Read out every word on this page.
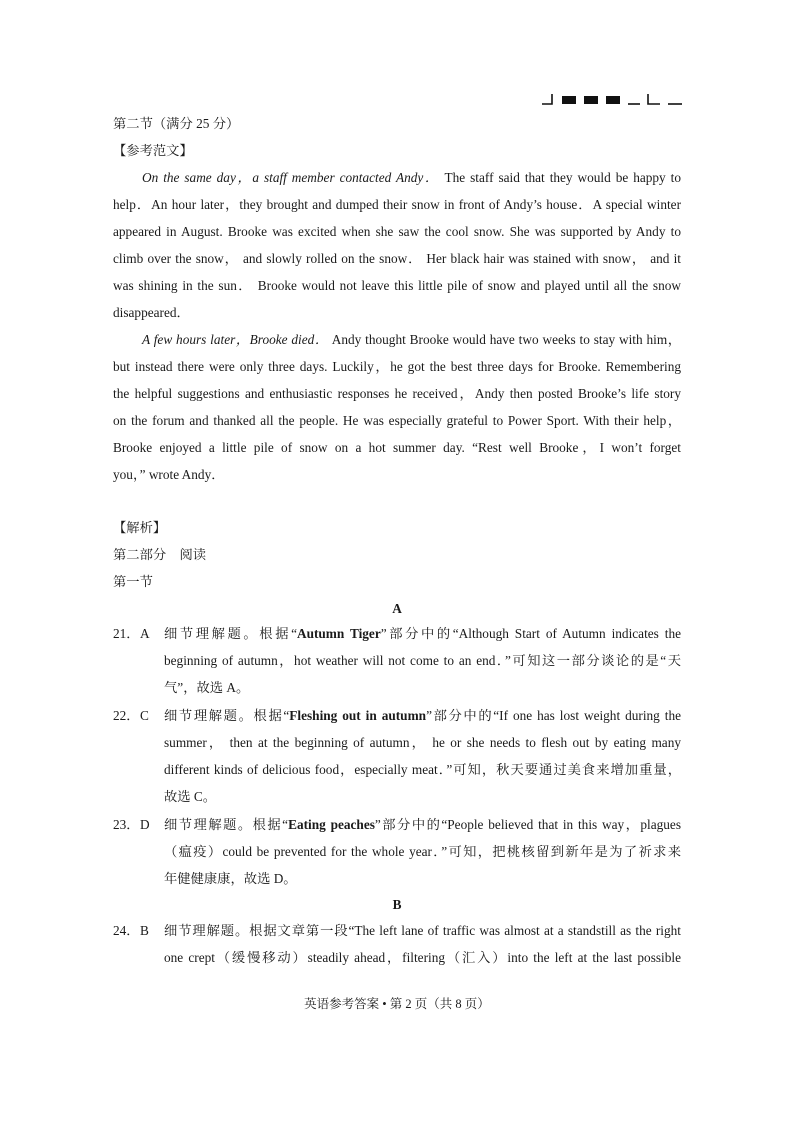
第二节（满分 25 分）
【参考范文】
On the same day，a staff member contacted Andy． The staff said that they would be happy to
help．An hour later，they brought and dumped their snow in front of Andy’s house．A special winter
appeared in August. Brooke was excited when she saw the cool snow. She was supported by Andy to
climb over the snow， and slowly rolled on the snow． Her black hair was stained with snow， and it
was shining in the sun． Brooke would not leave this little pile of snow and played until all the snow
disappeared．
A few hours later，Brooke died． Andy thought Brooke would have two weeks to stay with him，
but instead there were only three days. Luckily，he got the best three days for Brooke. Remembering
the helpful suggestions and enthusiastic responses he received，Andy then posted Brooke’s life story
on the forum and thanked all the people. He was especially grateful to Power Sport. With their help，
Brooke enjoyed a little pile of snow on a hot summer day. “Rest well Brooke，I won’t forget
you，” wrote Andy．
【解析】
第二部分　阅读
第一节
A
21． A 细节理解题。根据“Autumn Tiger”部分中的“Although Start of Autumn indicates the
beginning of autumn，hot weather will not come to an end．”可知这一部分谈论的是“天
气”，故选 A。
22． C 细节理解题。根据“Fleshing out in autumn”部分中的“If one has lost weight during the
summer， then at the beginning of autumn， he or she needs to flesh out by eating many
different kinds of delicious food，especially meat．”可知，秋天要通过美食来增加重量，
故选 C。
23． D 细节理解题。根据“Eating peaches”部分中的“People believed that in this way，plagues
（瘟疫）could be prevented for the whole year．”可知，把桃核留到新年是为了祈求来
年健健康康，故选 D。
B
24． B 细节理解题。根据文章第一段“The left lane of traffic was almost at a standstill as the right
one crept（缓慢移动）steadily ahead，filtering（汇入）into the left at the last possible
英语参考答案 • 第 2 页（共 8 页）
